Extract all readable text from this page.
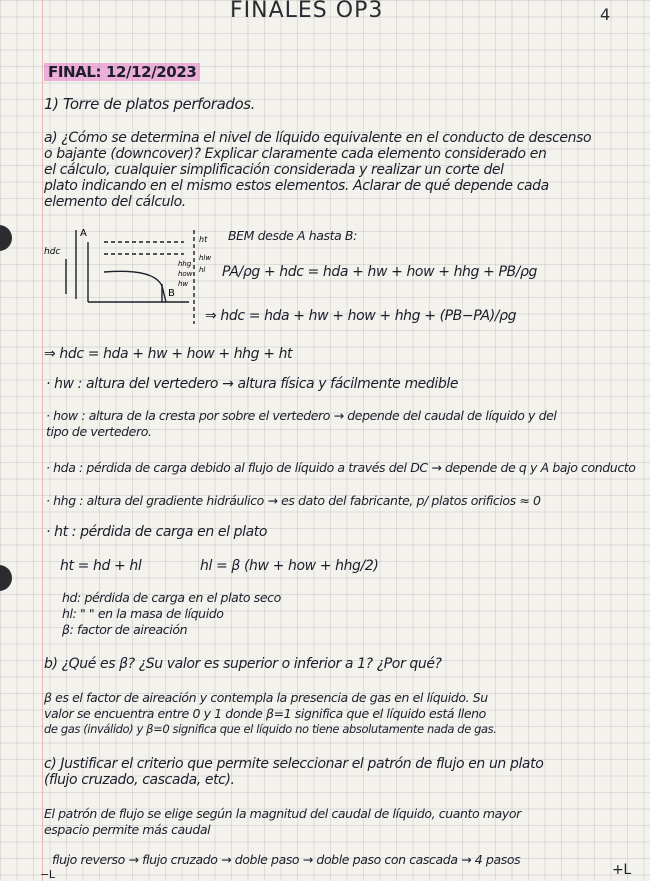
FINALES OP3	4
FINAL: 12/12/2023
1) Torre de platos perforados.
a) ¿Cómo se determina el nivel de líquido equivalente en el conducto de descenso
o bajante (downcover)? Explicar claramente cada elemento considerado en
el cálculo, cualquier simplificación considerada y realizar un corte del
plato indicando en el mismo estos elementos. Aclarar de qué depende cada
elemento del cálculo.
A
B
hdc
ht
hhg
how
hw
hlw
hl
BEM desde A hasta B:
PA/ρg + hdc = hda + hw + how + hhg + PB/ρg
⇒ hdc = hda + hw + how + hhg + (PB−PA)/ρg
⇒ hdc = hda + hw + how + hhg + ht
· hw : altura del vertedero → altura física y fácilmente medible
· how : altura de la cresta por sobre el vertedero → depende del caudal de líquido y del
tipo de vertedero.
· hda : pérdida de carga debido al flujo de líquido a través del DC → depende de q y A bajo conducto
· hhg : altura del gradiente hidráulico → es dato del fabricante, p/ platos orificios ≈ 0
· ht : pérdida de carga en el plato
ht = hd + hl	hl = β (hw + how + hhg/2)
hd: pérdida de carga en el plato seco
hl: " " en la masa de líquido
β: factor de aireación
b) ¿Qué es β? ¿Su valor es superior o inferior a 1? ¿Por qué?
β es el factor de aireación y contempla la presencia de gas en el líquido. Su
valor se encuentra entre 0 y 1 donde β=1 significa que el líquido está lleno
de gas (inválido) y β=0 significa que el líquido no tiene absolutamente nada de gas.
c) Justificar el criterio que permite seleccionar el patrón de flujo en un plato
(flujo cruzado, cascada, etc).
El patrón de flujo se elige según la magnitud del caudal de líquido, cuanto mayor
espacio permite más caudal
flujo reverso → flujo cruzado → doble paso → doble paso con cascada → 4 pasos
+L
−L
